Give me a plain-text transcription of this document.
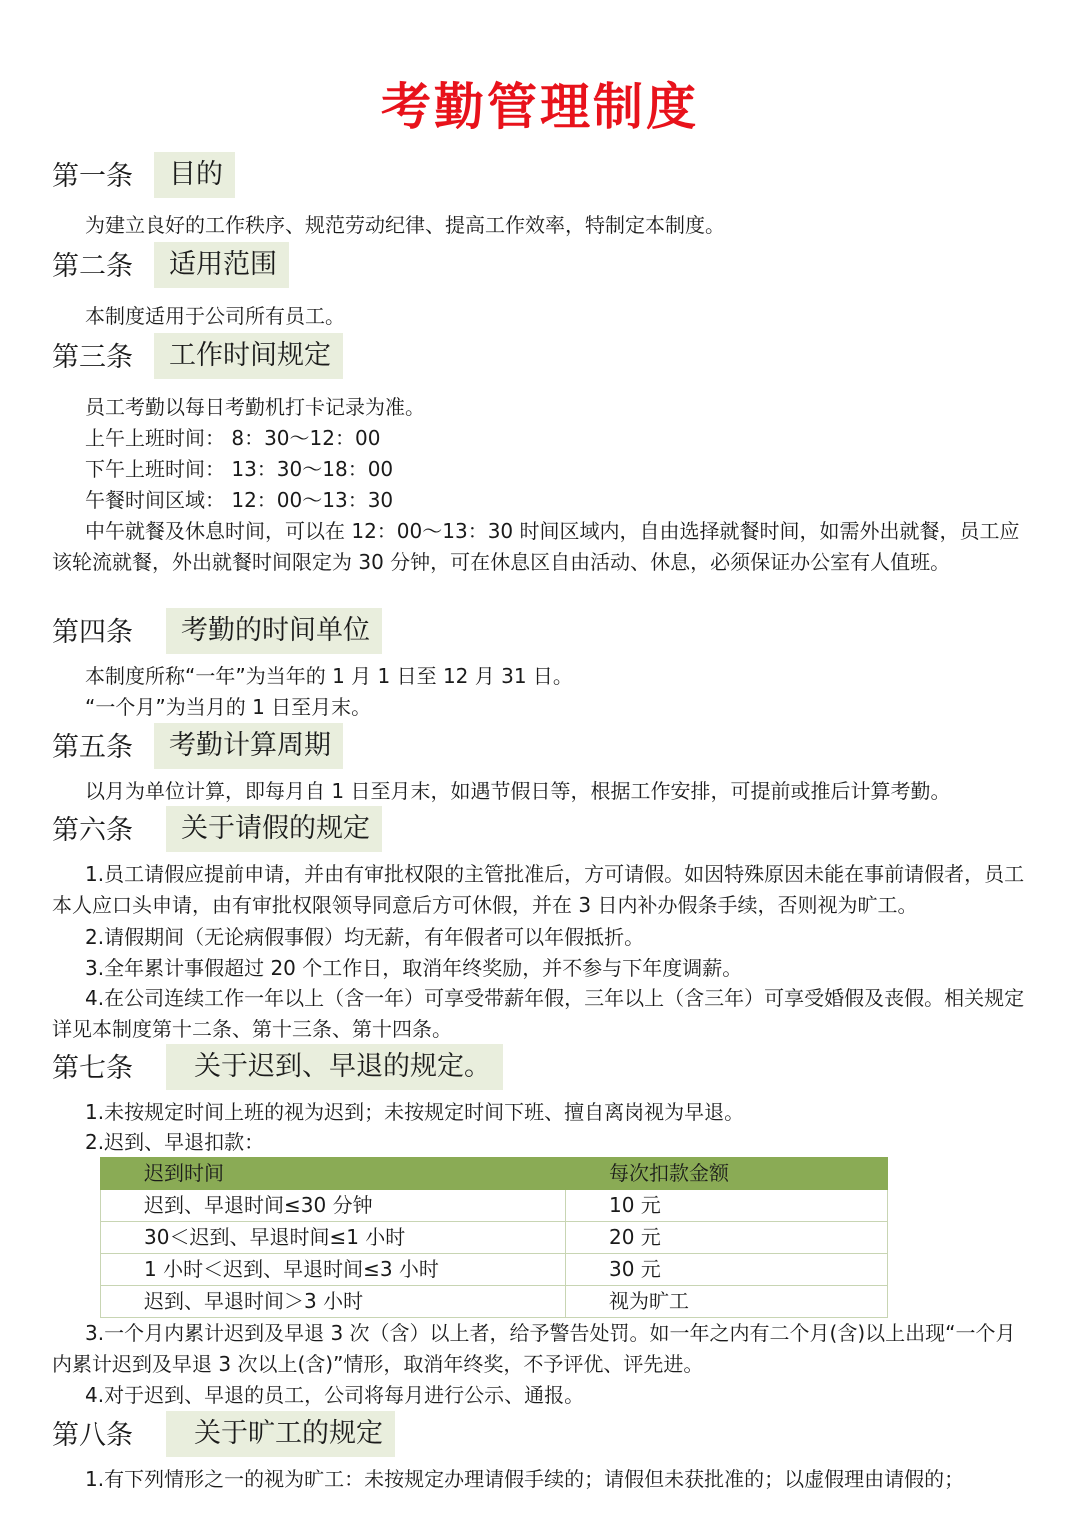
考勤管理制度
第一条	目的
为建立良好的工作秩序、规范劳动纪律、提高工作效率，特制定本制度。
第二条	适用范围
本制度适用于公司所有员工。
第三条	工作时间规定
员工考勤以每日考勤机打卡记录为准。
上午上班时间： 8：30～12：00
下午上班时间： 13：30～18：00
午餐时间区域： 12：00～13：30
中午就餐及休息时间，可以在 12：00～13：30 时间区域内，自由选择就餐时间，如需外出就餐，员工应该轮流就餐，外出就餐时间限定为 30 分钟，可在休息区自由活动、休息，必须保证办公室有人值班。
第四条	考勤的时间单位
本制度所称“一年”为当年的 1 月 1 日至 12 月 31 日。
“一个月”为当月的 1 日至月末。
第五条	考勤计算周期
以月为单位计算，即每月自 1 日至月末，如遇节假日等，根据工作安排，可提前或推后计算考勤。
第六条	关于请假的规定
1.员工请假应提前申请，并由有审批权限的主管批准后，方可请假。如因特殊原因未能在事前请假者，员工本人应口头申请，由有审批权限领导同意后方可休假，并在 3 日内补办假条手续，否则视为旷工。
2.请假期间（无论病假事假）均无薪，有年假者可以年假抵折。
3.全年累计事假超过 20 个工作日，取消年终奖励，并不参与下年度调薪。
4.在公司连续工作一年以上（含一年）可享受带薪年假，三年以上（含三年）可享受婚假及丧假。相关规定详见本制度第十二条、第十三条、第十四条。
第七条	关于迟到、早退的规定。
1.未按规定时间上班的视为迟到；未按规定时间下班、擅自离岗视为早退。
2.迟到、早退扣款：
迟到时间	每次扣款金额
迟到、早退时间≤30 分钟	10 元
30＜迟到、早退时间≤1 小时	20 元
1 小时＜迟到、早退时间≤3 小时	30 元
迟到、早退时间＞3 小时	视为旷工
3.一个月内累计迟到及早退 3 次（含）以上者，给予警告处罚。如一年之内有二个月(含)以上出现“一个月内累计迟到及早退 3 次以上(含)”情形，取消年终奖，不予评优、评先进。
4.对于迟到、早退的员工，公司将每月进行公示、通报。
第八条	关于旷工的规定
1.有下列情形之一的视为旷工：未按规定办理请假手续的；请假但未获批准的；以虚假理由请假的；
